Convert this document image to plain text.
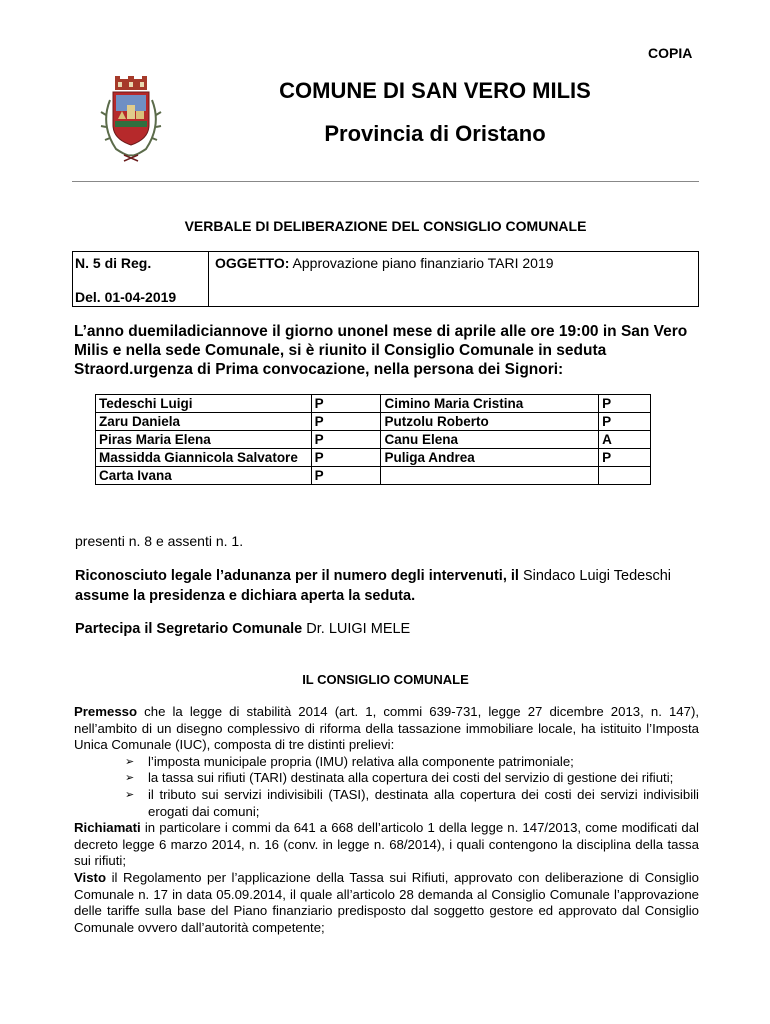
COPIA
COMUNE DI SAN VERO MILIS
Provincia di Oristano
VERBALE DI DELIBERAZIONE DEL CONSIGLIO COMUNALE
N. 5 di Reg.
Del. 01-04-2019
OGGETTO: Approvazione piano finanziario TARI 2019
L’anno duemiladiciannove il giorno unonel mese di aprile alle ore 19:00 in San Vero Milis e nella sede Comunale, si è riunito il Consiglio Comunale in seduta Straord.urgenza di Prima convocazione, nella persona dei Signori:
Tedeschi Luigi	P	Cimino Maria Cristina	P
Zaru Daniela	P	Putzolu Roberto	P
Piras Maria Elena	P	Canu Elena	A
Massidda Giannicola Salvatore	P	Puliga Andrea	P
Carta Ivana	P		
presenti n. 8 e assenti n. 1.
Riconosciuto legale l’adunanza per il numero degli intervenuti, il Sindaco Luigi Tedeschi assume la presidenza e dichiara aperta la seduta.
Partecipa il Segretario Comunale Dr. LUIGI MELE
IL CONSIGLIO COMUNALE

Premesso che la legge di stabilità 2014 (art. 1, commi 639-731, legge 27 dicembre 2013, n. 147), nell’ambito di un disegno complessivo di riforma della tassazione immobiliare locale, ha istituito l’Imposta Unica Comunale (IUC), composta di tre distinti prelievi:

➢ l’imposta municipale propria (IMU) relativa alla componente patrimoniale;
➢ la tassa sui rifiuti (TARI) destinata alla copertura dei costi del servizio di gestione dei rifiuti;
➢ il tributo sui servizi indivisibili (TASI), destinata alla copertura dei costi dei servizi indivisibili erogati dai comuni;

Richiamati in particolare i commi da 641 a 668 dell’articolo 1 della legge n. 147/2013, come modificati dal decreto legge 6 marzo 2014, n. 16 (conv. in legge n. 68/2014), i quali contengono la disciplina della tassa sui rifiuti;

Visto il Regolamento per l’applicazione della Tassa sui Rifiuti, approvato con deliberazione di Consiglio Comunale n. 17 in data 05.09.2014, il quale all’articolo 28 demanda al Consiglio Comunale l’approvazione delle tariffe sulla base del Piano finanziario predisposto dal soggetto gestore ed approvato dal Consiglio Comunale ovvero dall’autorità competente;
